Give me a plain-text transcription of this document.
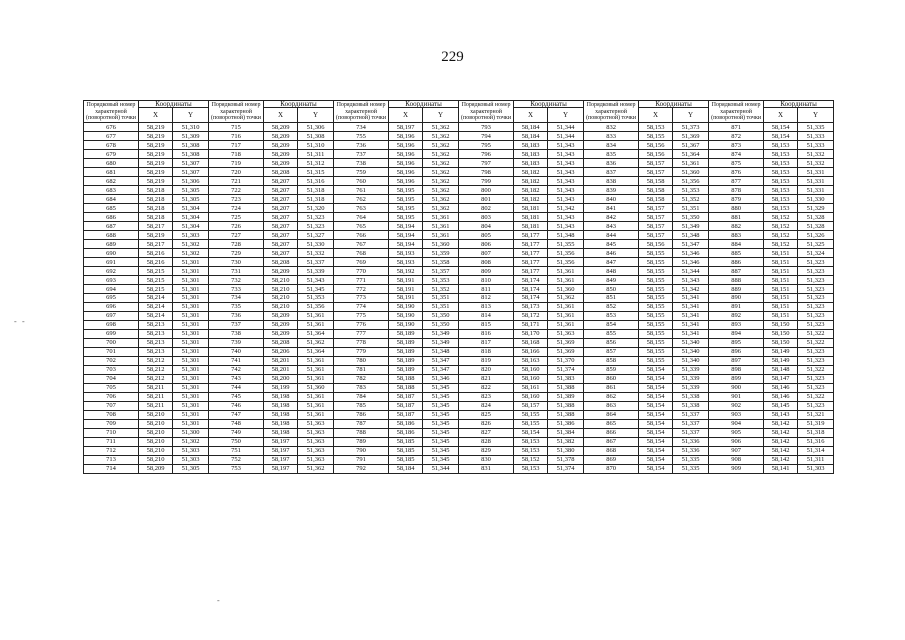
229
- -
-
Порядковый номер характерной (поворотной) точки	Координаты		Порядковый номер характерной (поворотной) точки	Координаты		Порядковый номер характерной (поворотной) точки	Координаты		Порядковый номер характерной (поворотной) точки	Координаты		Порядковый номер характерной (поворотной) точки	Координаты		Порядковый номер характерной (поворотной) точки	Координаты	
	X	Y		X	Y		X	Y		X	Y		X	Y		X	Y
676	58,219	51,310	715	58,209	51,306	734	58,197	51,362	793	58,184	51,344	832	58,153	51,373	871	58,154	51,335
677	58,219	51,309	716	58,209	51,308	755	58,196	51,362	794	58,184	51,344	833	58,155	51,369	872	58,154	51,333
678	58,219	51,308	717	58,209	51,310	736	58,196	51,362	795	58,183	51,343	834	58,156	51,367	873	58,153	51,333
679	58,219	51,308	718	58,209	51,311	737	58,196	51,362	796	58,183	51,343	835	58,156	51,364	874	58,153	51,332
680	58,219	51,307	719	58,209	51,312	738	58,196	51,362	797	58,183	51,343	836	58,157	51,361	875	58,153	51,332
681	58,219	51,307	720	58,208	51,315	759	58,196	51,362	798	58,182	51,343	837	58,157	51,360	876	58,153	51,331
682	58,219	51,306	721	58,207	51,316	760	58,196	51,362	799	58,182	51,343	838	58,158	51,356	877	58,153	51,331
683	58,218	51,305	722	58,207	51,318	761	58,195	51,362	800	58,182	51,343	839	58,158	51,353	878	58,153	51,331
684	58,218	51,305	723	58,207	51,318	762	58,195	51,362	801	58,182	51,343	840	58,158	51,352	879	58,153	51,330
685	58,218	51,304	724	58,207	51,320	763	58,195	51,362	802	58,181	51,342	841	58,157	51,351	880	58,153	51,329
686	58,218	51,304	725	58,207	51,323	764	58,195	51,361	803	58,181	51,343	842	58,157	51,350	881	58,152	51,328
687	58,217	51,304	726	58,207	51,323	765	58,194	51,361	804	58,181	51,343	843	58,157	51,349	882	58,152	51,328
688	58,219	51,303	727	58,207	51,327	766	58,194	51,361	805	58,177	51,348	844	58,157	51,348	883	58,152	51,326
689	58,217	51,302	728	58,207	51,330	767	58,194	51,360	806	58,177	51,355	845	58,156	51,347	884	58,152	51,325
690	58,216	51,302	729	58,207	51,332	768	58,193	51,359	807	58,177	51,356	846	58,155	51,346	885	58,151	51,324
691	58,216	51,301	730	58,208	51,337	769	58,193	51,358	808	58,177	51,356	847	58,155	51,346	886	58,151	51,323
692	58,215	51,301	731	58,209	51,339	770	58,192	51,357	809	58,177	51,361	848	58,155	51,344	887	58,151	51,323
693	58,215	51,301	732	58,210	51,343	771	58,191	51,353	810	58,174	51,361	849	58,155	51,343	888	58,151	51,323
694	58,215	51,301	733	58,210	51,345	772	58,191	51,352	811	58,174	51,360	850	58,155	51,342	889	58,151	51,323
695	58,214	51,301	734	58,210	51,353	773	58,191	51,351	812	58,174	51,362	851	58,155	51,341	890	58,151	51,323
696	58,214	51,301	735	58,210	51,356	774	58,190	51,351	813	58,173	51,361	852	58,155	51,341	891	58,151	51,323
697	58,214	51,301	736	58,209	51,361	775	58,190	51,350	814	58,172	51,361	853	58,155	51,341	892	58,151	51,323
698	58,213	51,301	737	58,209	51,361	776	58,190	51,350	815	58,171	51,361	854	58,155	51,341	893	58,150	51,323
699	58,213	51,301	738	58,209	51,364	777	58,189	51,349	816	58,170	51,363	855	58,155	51,341	894	58,150	51,322
700	58,213	51,301	739	58,208	51,362	778	58,189	51,349	817	58,168	51,369	856	58,155	51,340	895	58,150	51,322
701	58,213	51,301	740	58,206	51,364	779	58,189	51,348	818	58,166	51,369	857	58,155	51,340	896	58,149	51,323
702	58,212	51,301	741	58,201	51,361	780	58,189	51,347	819	58,163	51,370	858	58,155	51,340	897	58,149	51,323
703	58,212	51,301	742	58,201	51,361	781	58,189	51,347	820	58,160	51,374	859	58,154	51,339	898	58,148	51,322
704	58,212	51,301	743	58,200	51,361	782	58,188	51,346	821	58,160	51,383	860	58,154	51,339	899	58,147	51,323
705	58,211	51,301	744	58,199	51,360	783	58,188	51,345	822	58,161	51,388	861	58,154	51,339	900	58,146	51,323
706	58,211	51,301	745	58,198	51,361	784	58,187	51,345	823	58,160	51,389	862	58,154	51,338	901	58,146	51,322
707	58,211	51,301	746	58,198	51,361	785	58,187	51,345	824	58,157	51,388	863	58,154	51,338	902	58,145	51,323
708	58,210	51,301	747	58,198	51,361	786	58,187	51,345	825	58,155	51,388	864	58,154	51,337	903	58,143	51,321
709	58,210	51,301	748	58,198	51,363	787	58,186	51,345	826	58,155	51,386	865	58,154	51,337	904	58,142	51,319
710	58,210	51,300	749	58,198	51,363	788	58,186	51,345	827	58,154	51,384	866	58,154	51,337	905	58,142	51,318
711	58,210	51,302	750	58,197	51,363	789	58,185	51,345	828	58,153	51,382	867	58,154	51,336	906	58,142	51,316
712	58,210	51,303	751	58,197	51,363	790	58,185	51,345	829	58,153	51,380	868	58,154	51,336	907	58,142	51,314
713	58,210	51,303	752	58,197	51,363	791	58,185	51,345	830	58,152	51,378	869	58,154	51,335	908	58,142	51,311
714	58,209	51,305	753	58,197	51,362	792	58,184	51,344	831	58,153	51,374	870	58,154	51,335	909	58,141	51,303
